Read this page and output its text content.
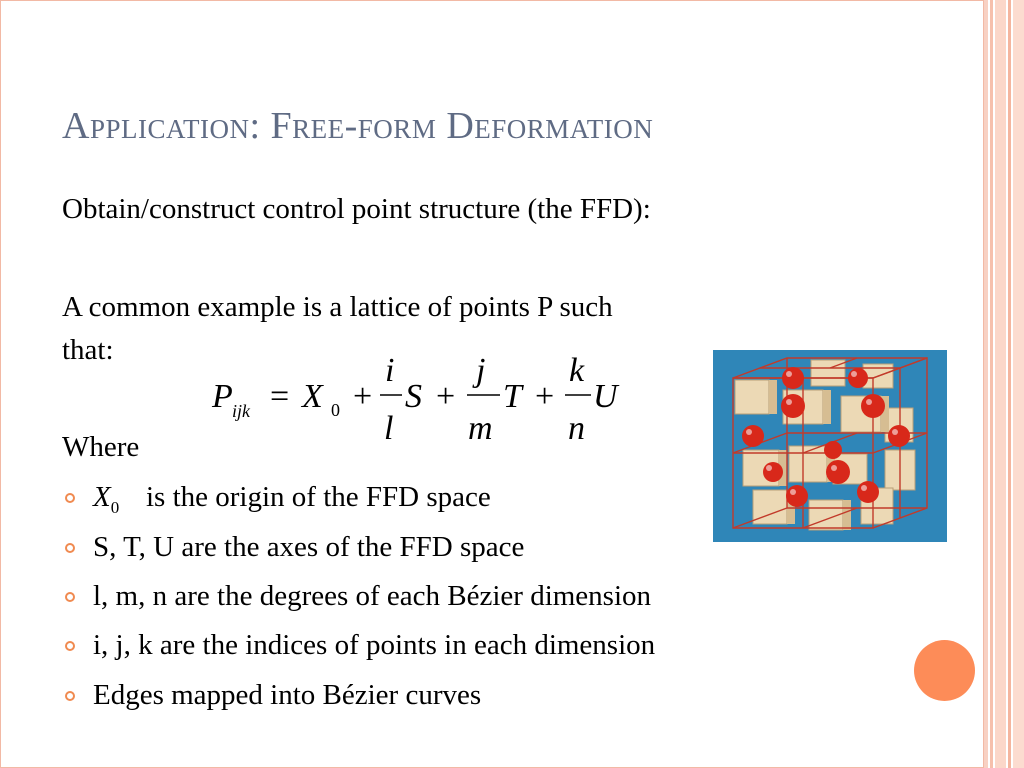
Application: Free-form Deformation
Obtain/construct control point structure (the FFD):
A common example is a lattice of points P such
that:
P ijk = X 0 +
i
l
S +
j
m
T +
k
n
U
Where
$X_0$ is the origin of the FFD space
S, T, U are the axes of the FFD space
l, m, n are the degrees of each Bézier dimension
i, j, k are the indices of points in each dimension
Edges mapped into Bézier curves
